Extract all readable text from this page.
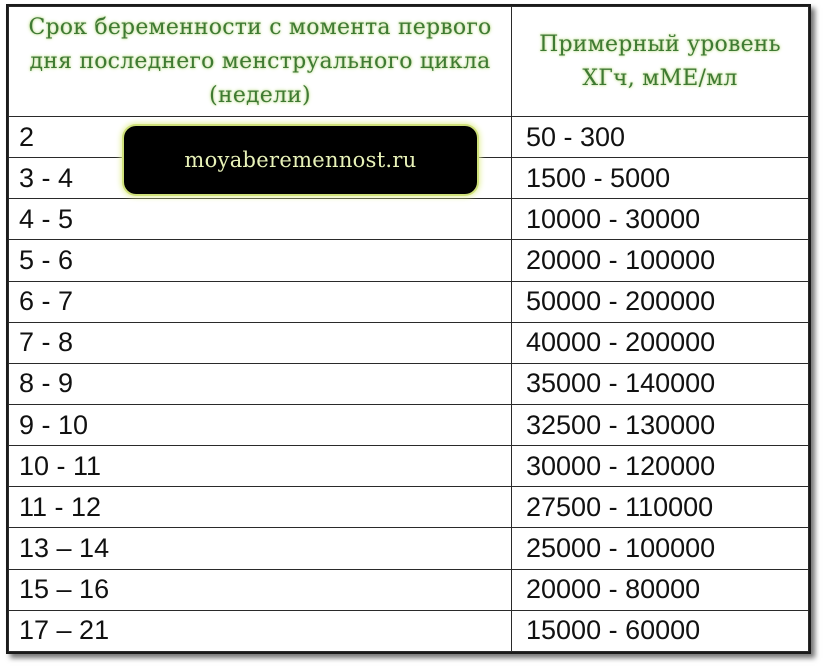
Срок беременности с момента первого дня последнего менструального цикла (недели)	Примерный уровень ХГч, мМЕ/мл
2	50 - 300
3 - 4	1500 - 5000
4 - 5	10000 - 30000
5 - 6	20000 - 100000
6 - 7	50000 - 200000
7 - 8	40000 - 200000
8 - 9	35000 - 140000
9 - 10	32500 - 130000
10 - 11	30000 - 120000
11 - 12	27500 - 110000
13 – 14	25000 - 100000
15 – 16	20000 - 80000
17 – 21	15000 - 60000
moyaberemennost.ru
